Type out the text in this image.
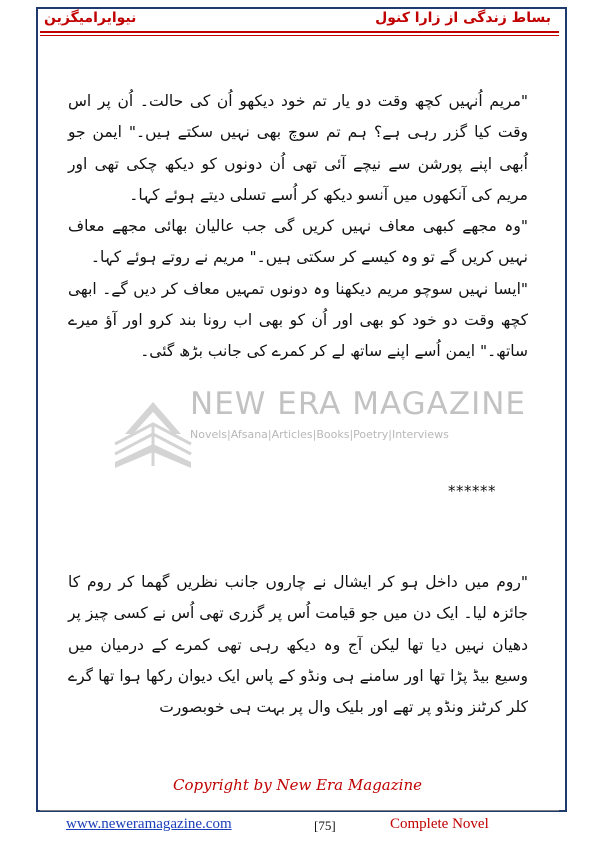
نیوایرامیگزین	بساط زندگی از زارا کنول
NEW ERA MAGAZINE
Novels|Afsana|Articles|Books|Poetry|Interviews

"مریم اُنہیں کچھ وقت دو یار تم خود دیکھو اُن کی حالت۔ اُن پر اس وقت کیا گزر رہی ہے؟ ہم تم سوچ بھی نہیں سکتے ہیں۔" ایمن جو اُبھی اپنے پورشن سے نیچے آئی تھی اُن دونوں کو دیکھ چکی تھی اور مریم کی آنکھوں میں آنسو دیکھ کر اُسے تسلی دیتے ہوئے کہا۔

"وہ مجھے کبھی معاف نہیں کریں گی جب عالیان بھائی مجھے معاف نہیں کریں گے تو وہ کیسے کر سکتی ہیں۔" مریم نے روتے ہوئے کہا۔

"ایسا نہیں سوچو مریم دیکھنا وہ دونوں تمہیں معاف کر دیں گے۔ ابھی کچھ وقت دو خود کو بھی اور اُن کو بھی اب رونا بند کرو اور آؤ میرے ساتھ۔" ایمن اُسے اپنے ساتھ لے کر کمرے کی جانب بڑھ گئی۔

******

"روم میں داخل ہو کر ایشال نے چاروں جانب نظریں گھما کر روم کا جائزہ لیا۔ ایک دن میں جو قیامت اُس پر گزری تھی اُس نے کسی چیز پر دھیان نہیں دیا تھا لیکن آج وہ دیکھ رہی تھی کمرے کے درمیان میں وسیع بیڈ پڑا تھا اور سامنے ہی ونڈو کے پاس ایک دیوان رکھا ہوا تھا گرے کلر کرٹنز ونڈو پر تھے اور بلیک وال پر بہت ہی خوبصورت

Copyright by New Era Magazine
www.neweramagazine.com	[75]	Complete Novel
